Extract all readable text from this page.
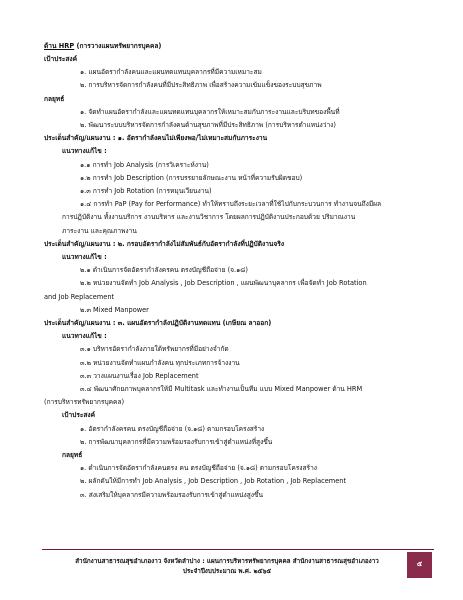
ด้าน HRP (การวางแผนทรัพยากรบุคคล)
เป้าประสงค์
๑. แผนอัตรากำลังคนและแผนทดแทนบุคลากรที่มีความเหมาะสม
๒. การบริหารจัดการกำลังคนที่มีประสิทธิภาพ เพื่อสร้างความเข้มแข็งของระบบสุขภาพ
กลยุทธ์
๑. จัดทำแผนอัตรากำลังและแผนทดแทนบุคลากรให้เหมาะสมกับภาระงานและบริบทของพื้นที่
๒. พัฒนาระบบบริหารจัดการกำลังคนด้านสุขภาพที่มีประสิทธิภาพ (การบริหารตำแหน่งว่าง)
ประเด็นสำคัญ/แผนงาน : ๑. อัตรากำลังคนไม่เพียงพอ/ไม่เหมาะสมกับภาระงาน
แนวทางแก้ไข :
๑.๑ การทำ Job Analysis (การวิเคราะห์งาน)
๑.๒ การทำ Job Description (การบรรยายลักษณะงาน หน้าที่ความรับผิดชอบ)
๑.๓ การทำ Job Rotation (การหมุนเวียนงาน)
๑.๔ การทำ PaP (Pay for Performance) ทำให้ทราบถึงระยะเวลาที่ใช้ไปกับกระบวนการ ทำงานจนถึงมีผล
การปฏิบัติงาน ทั้งงานบริการ งานบริหาร และงานวิชาการ โดยผลการปฏิบัติงานประกอบด้วย ปริมาณงาน
ภาระงาน และคุณภาพงาน
ประเด็นสำคัญ/แผนงาน : ๒. กรอบอัตรากำลังไม่สัมพันธ์กับอัตรากำลังที่ปฏิบัติงานจริง
แนวทางแก้ไข :
๒.๑ ดำเนินการจัดอัตรากำลังครคน ตรงบัญชีถือจ่าย (จ.๑๘)
๒.๒ หน่วยงานจัดทำ Job Analysis , Job Description , แผนพัฒนาบุคลากร เพื่อจัดทำ Job Rotation
and Job Replacement
๒.๓ Mixed Manpower
ประเด็นสำคัญ/แผนงาน : ๓. แผนอัตรากำลังปฏิบัติงานทดแทน (เกษียณ ลาออก)
แนวทางแก้ไข :
๓.๑ บริหารอัตรากำลังภายใต้ทรัพยากรที่มีอย่างจำกัด
๓.๒ หน่วยงานจัดทำแผนกำลังคน ทุกประเภทการจ้างงาน
๓.๓ วางแผนงานเรื่อง Job Replacement
๓.๔ พัฒนาศักยภาพบุคลากรให้มี Multitask และทำงานเป็นทีม แบบ Mixed Manpower ด้าน HRM
(การบริหารทรัพยากรบุคคล)
เป้าประสงค์
๑. อัตรากำลังครคน ตรงบัญชีถือจ่าย (จ.๑๘) ตามกรอบโครงสร้าง
๒. การพัฒนาบุคลากรที่มีความพร้อมรองรับการเข้าสู่ตำแหน่งที่สูงขึ้น
กลยุทธ์
๑. ดำเนินการจัดอัตรากำลังคนตรง คน ตรงบัญชีถือจ่าย (จ.๑๘) ตามกรอบโครงสร้าง
๒. ผลักดันให้มีการทำ Job Analysis , Job Description , Job Rotation , Job Replacement
๓. ส่งเสริมให้บุคลากรมีความพร้อมรองรับการเข้าสู่ตำแหน่งสูงขึ้น
สำนักงานสาธารณสุขอำเภองาว จังหวัดลำปาง : แผนการบริหารทรัพยากรบุคคล สำนักงานสาธารณสุขอำเภองาว
ประจำปีงบประมาณ พ.ศ. ๒๕๖๕
๕
